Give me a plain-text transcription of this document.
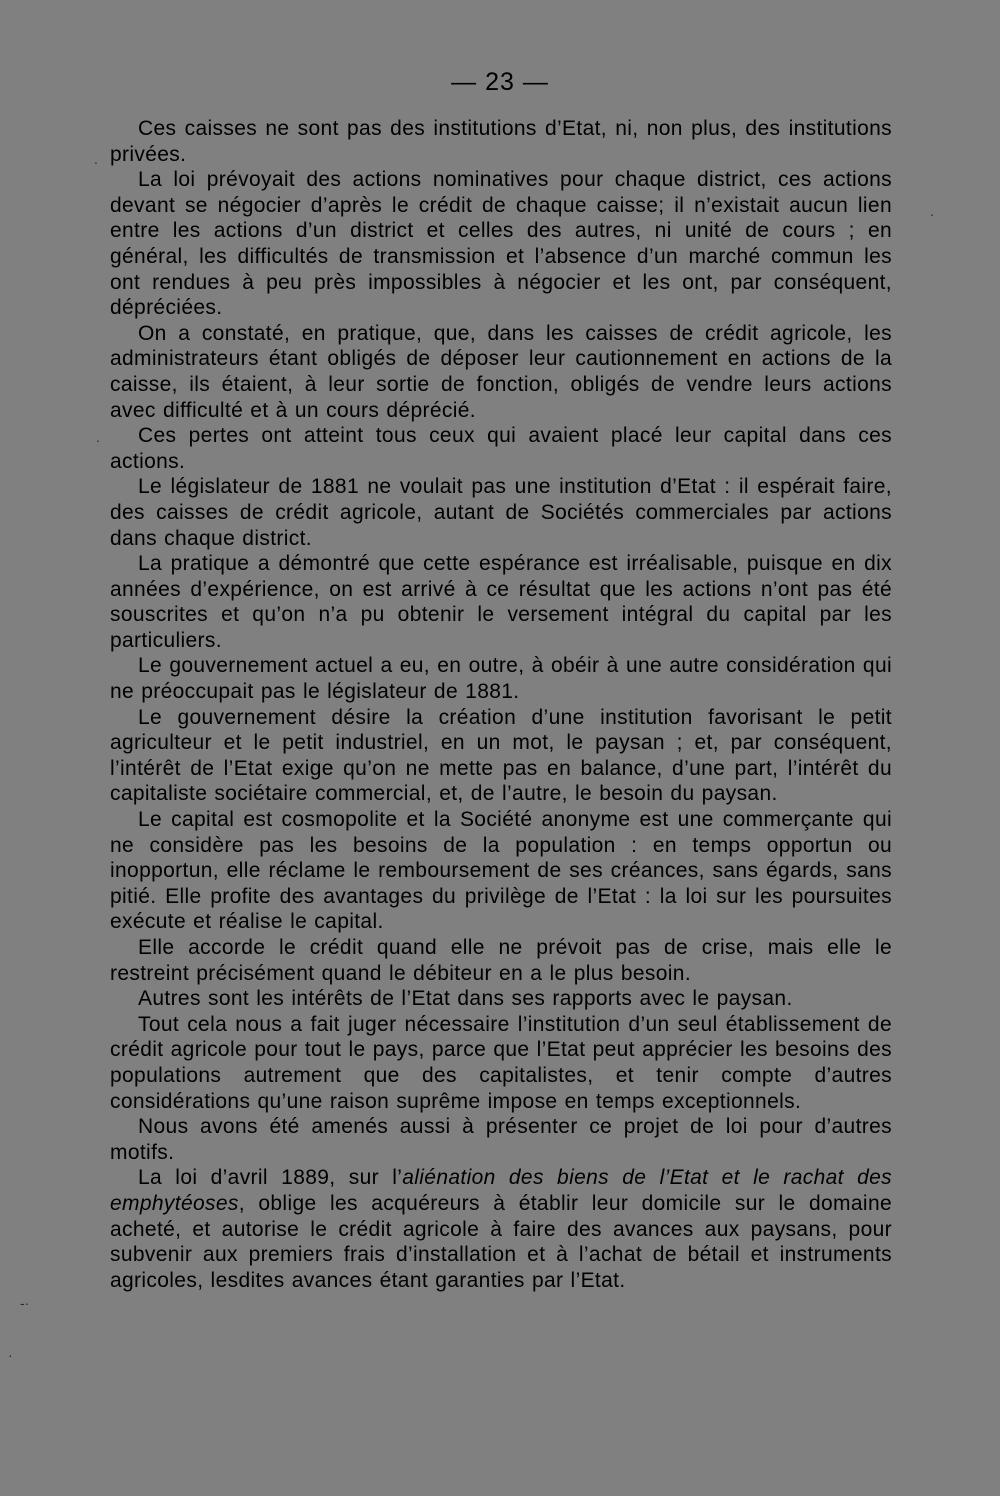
— 23 —

Ces caisses ne sont pas des institutions d’Etat, ni, non plus, des institutions privées.

La loi prévoyait des actions nominatives pour chaque district, ces actions devant se négocier d’après le crédit de chaque caisse; il n’existait aucun lien entre les actions d’un district et celles des autres, ni unité de cours ; en général, les difficultés de transmission et l’absence d’un marché commun les ont rendues à peu près impossibles à négocier et les ont, par conséquent, dépréciées.

On a constaté, en pratique, que, dans les caisses de crédit agricole, les administrateurs étant obligés de déposer leur cautionnement en actions de la caisse, ils étaient, à leur sortie de fonction, obligés de vendre leurs actions avec difficulté et à un cours déprécié.

Ces pertes ont atteint tous ceux qui avaient placé leur capital dans ces actions.

Le législateur de 1881 ne voulait pas une institution d’Etat : il espérait faire, des caisses de crédit agricole, autant de Sociétés commerciales par actions dans chaque district.

La pratique a démontré que cette espérance est irréalisable, puisque en dix années d’expérience, on est arrivé à ce résultat que les actions n’ont pas été souscrites et qu’on n’a pu obtenir le versement intégral du capital par les particuliers.

Le gouvernement actuel a eu, en outre, à obéir à une autre considération qui ne préoccupait pas le législateur de 1881.

Le gouvernement désire la création d’une institution favorisant le petit agriculteur et le petit industriel, en un mot, le paysan ; et, par conséquent, l’intérêt de l’Etat exige qu’on ne mette pas en balance, d’une part, l’intérêt du capitaliste sociétaire commercial, et, de l’autre, le besoin du paysan.

Le capital est cosmopolite et la Société anonyme est une commerçante qui ne considère pas les besoins de la population : en temps opportun ou inopportun, elle réclame le remboursement de ses créances, sans égards, sans pitié. Elle profite des avantages du privilège de l’Etat : la loi sur les poursuites exécute et réalise le capital.

Elle accorde le crédit quand elle ne prévoit pas de crise, mais elle le restreint précisément quand le débiteur en a le plus besoin.

Autres sont les intérêts de l’Etat dans ses rapports avec le paysan.

Tout cela nous a fait juger nécessaire l’institution d’un seul établissement de crédit agricole pour tout le pays, parce que l’Etat peut apprécier les besoins des populations autrement que des capitalistes, et tenir compte d’autres considérations qu’une raison suprême impose en temps exceptionnels.

Nous avons été amenés aussi à présenter ce projet de loi pour d’autres motifs.

La loi d’avril 1889, sur l’aliénation des biens de l’Etat et le rachat des emphytéoses, oblige les acquéreurs à établir leur domicile sur le domaine acheté, et autorise le crédit agricole à faire des avances aux paysans, pour subvenir aux premiers frais d’installation et à l’achat de bétail et instruments agricoles, lesdites avances étant garanties par l’Etat.

.
.
.
-·
·
